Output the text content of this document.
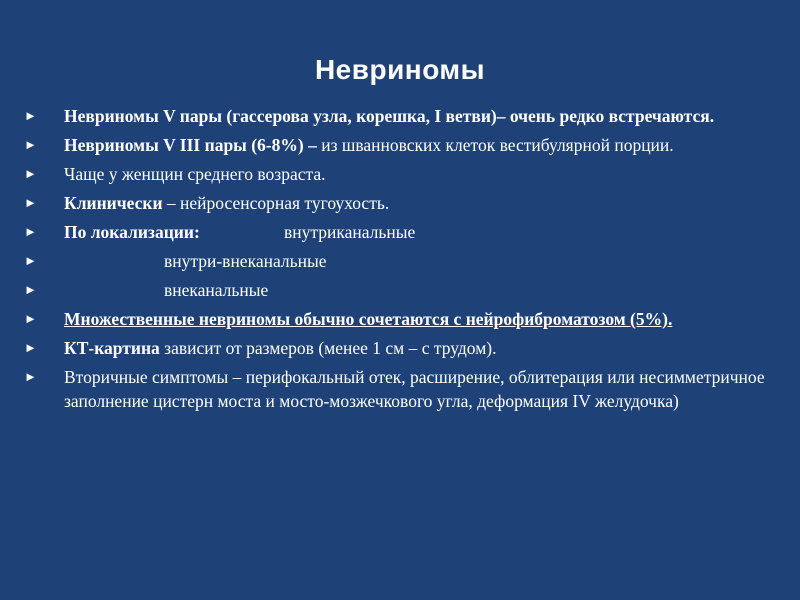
Невриномы
► Невриномы V пары (гассерова узла, корешка, I ветви)– очень редко встречаются.
► Невриномы V III пары (6-8%) – из шванновских клеток вестибулярной порции.
► Чаще у женщин среднего возраста.
► Клинически – нейросенсорная тугоухость.
► По локализации:	внутриканальные
►	внутри-внеканальные
►	внеканальные
► Множественные невриномы обычно сочетаются с нейрофиброматозом (5%).
► КТ-картина зависит от размеров (менее 1 см – с трудом).
► Вторичные симптомы – перифокальный отек, расширение, облитерация или несимметричное заполнение цистерн моста и мосто-мозжечкового угла, деформация IV желудочка)
